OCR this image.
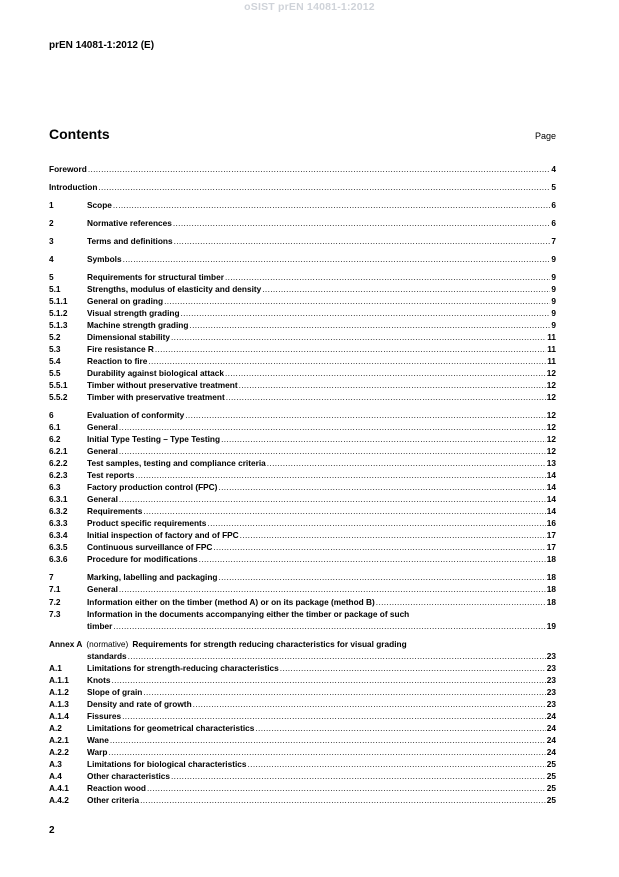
oSIST prEN 14081-1:2012
prEN 14081-1:2012 (E)
Contents	Page
Foreword .....	4
Introduction .....	5
1	Scope .....	6
2	Normative references .....	6
3	Terms and definitions .....	7
4	Symbols .....	9
5	Requirements for structural timber .....	9
5.1	Strengths, modulus of elasticity and density .....	9
5.1.1	General on grading .....	9
5.1.2	Visual strength grading .....	9
5.1.3	Machine strength grading .....	9
5.2	Dimensional stability .....	11
5.3	Fire resistance R .....	11
5.4	Reaction to fire .....	11
5.5	Durability against biological attack .....	12
5.5.1	Timber without preservative treatment .....	12
5.5.2	Timber with preservative treatment .....	12
6	Evaluation of conformity .....	12
6.1	General .....	12
6.2	Initial Type Testing – Type Testing .....	12
6.2.1	General .....	12
6.2.2	Test samples, testing and compliance criteria .....	13
6.2.3	Test reports .....	14
6.3	Factory production control (FPC) .....	14
6.3.1	General .....	14
6.3.2	Requirements .....	14
6.3.3	Product specific requirements .....	16
6.3.4	Initial inspection of factory and of FPC .....	17
6.3.5	Continuous surveillance of FPC .....	17
6.3.6	Procedure for modifications .....	18
7	Marking, labelling and packaging .....	18
7.1	General .....	18
7.2	Information either on the timber (method A) or on its package (method B) .....	18
7.3	Information in the documents accompanying either the timber or package of such
timber .....	19
Annex A (normative) Requirements for strength reducing characteristics for visual grading
standards .....	23
A.1	Limitations for strength-reducing characteristics .....	23
A.1.1	Knots .....	23
A.1.2	Slope of grain .....	23
A.1.3	Density and rate of growth .....	23
A.1.4	Fissures .....	24
A.2	Limitations for geometrical characteristics .....	24
A.2.1	Wane .....	24
A.2.2	Warp .....	24
A.3	Limitations for biological characteristics .....	25
A.4	Other characteristics .....	25
A.4.1	Reaction wood .....	25
A.4.2	Other criteria .....	25
2
